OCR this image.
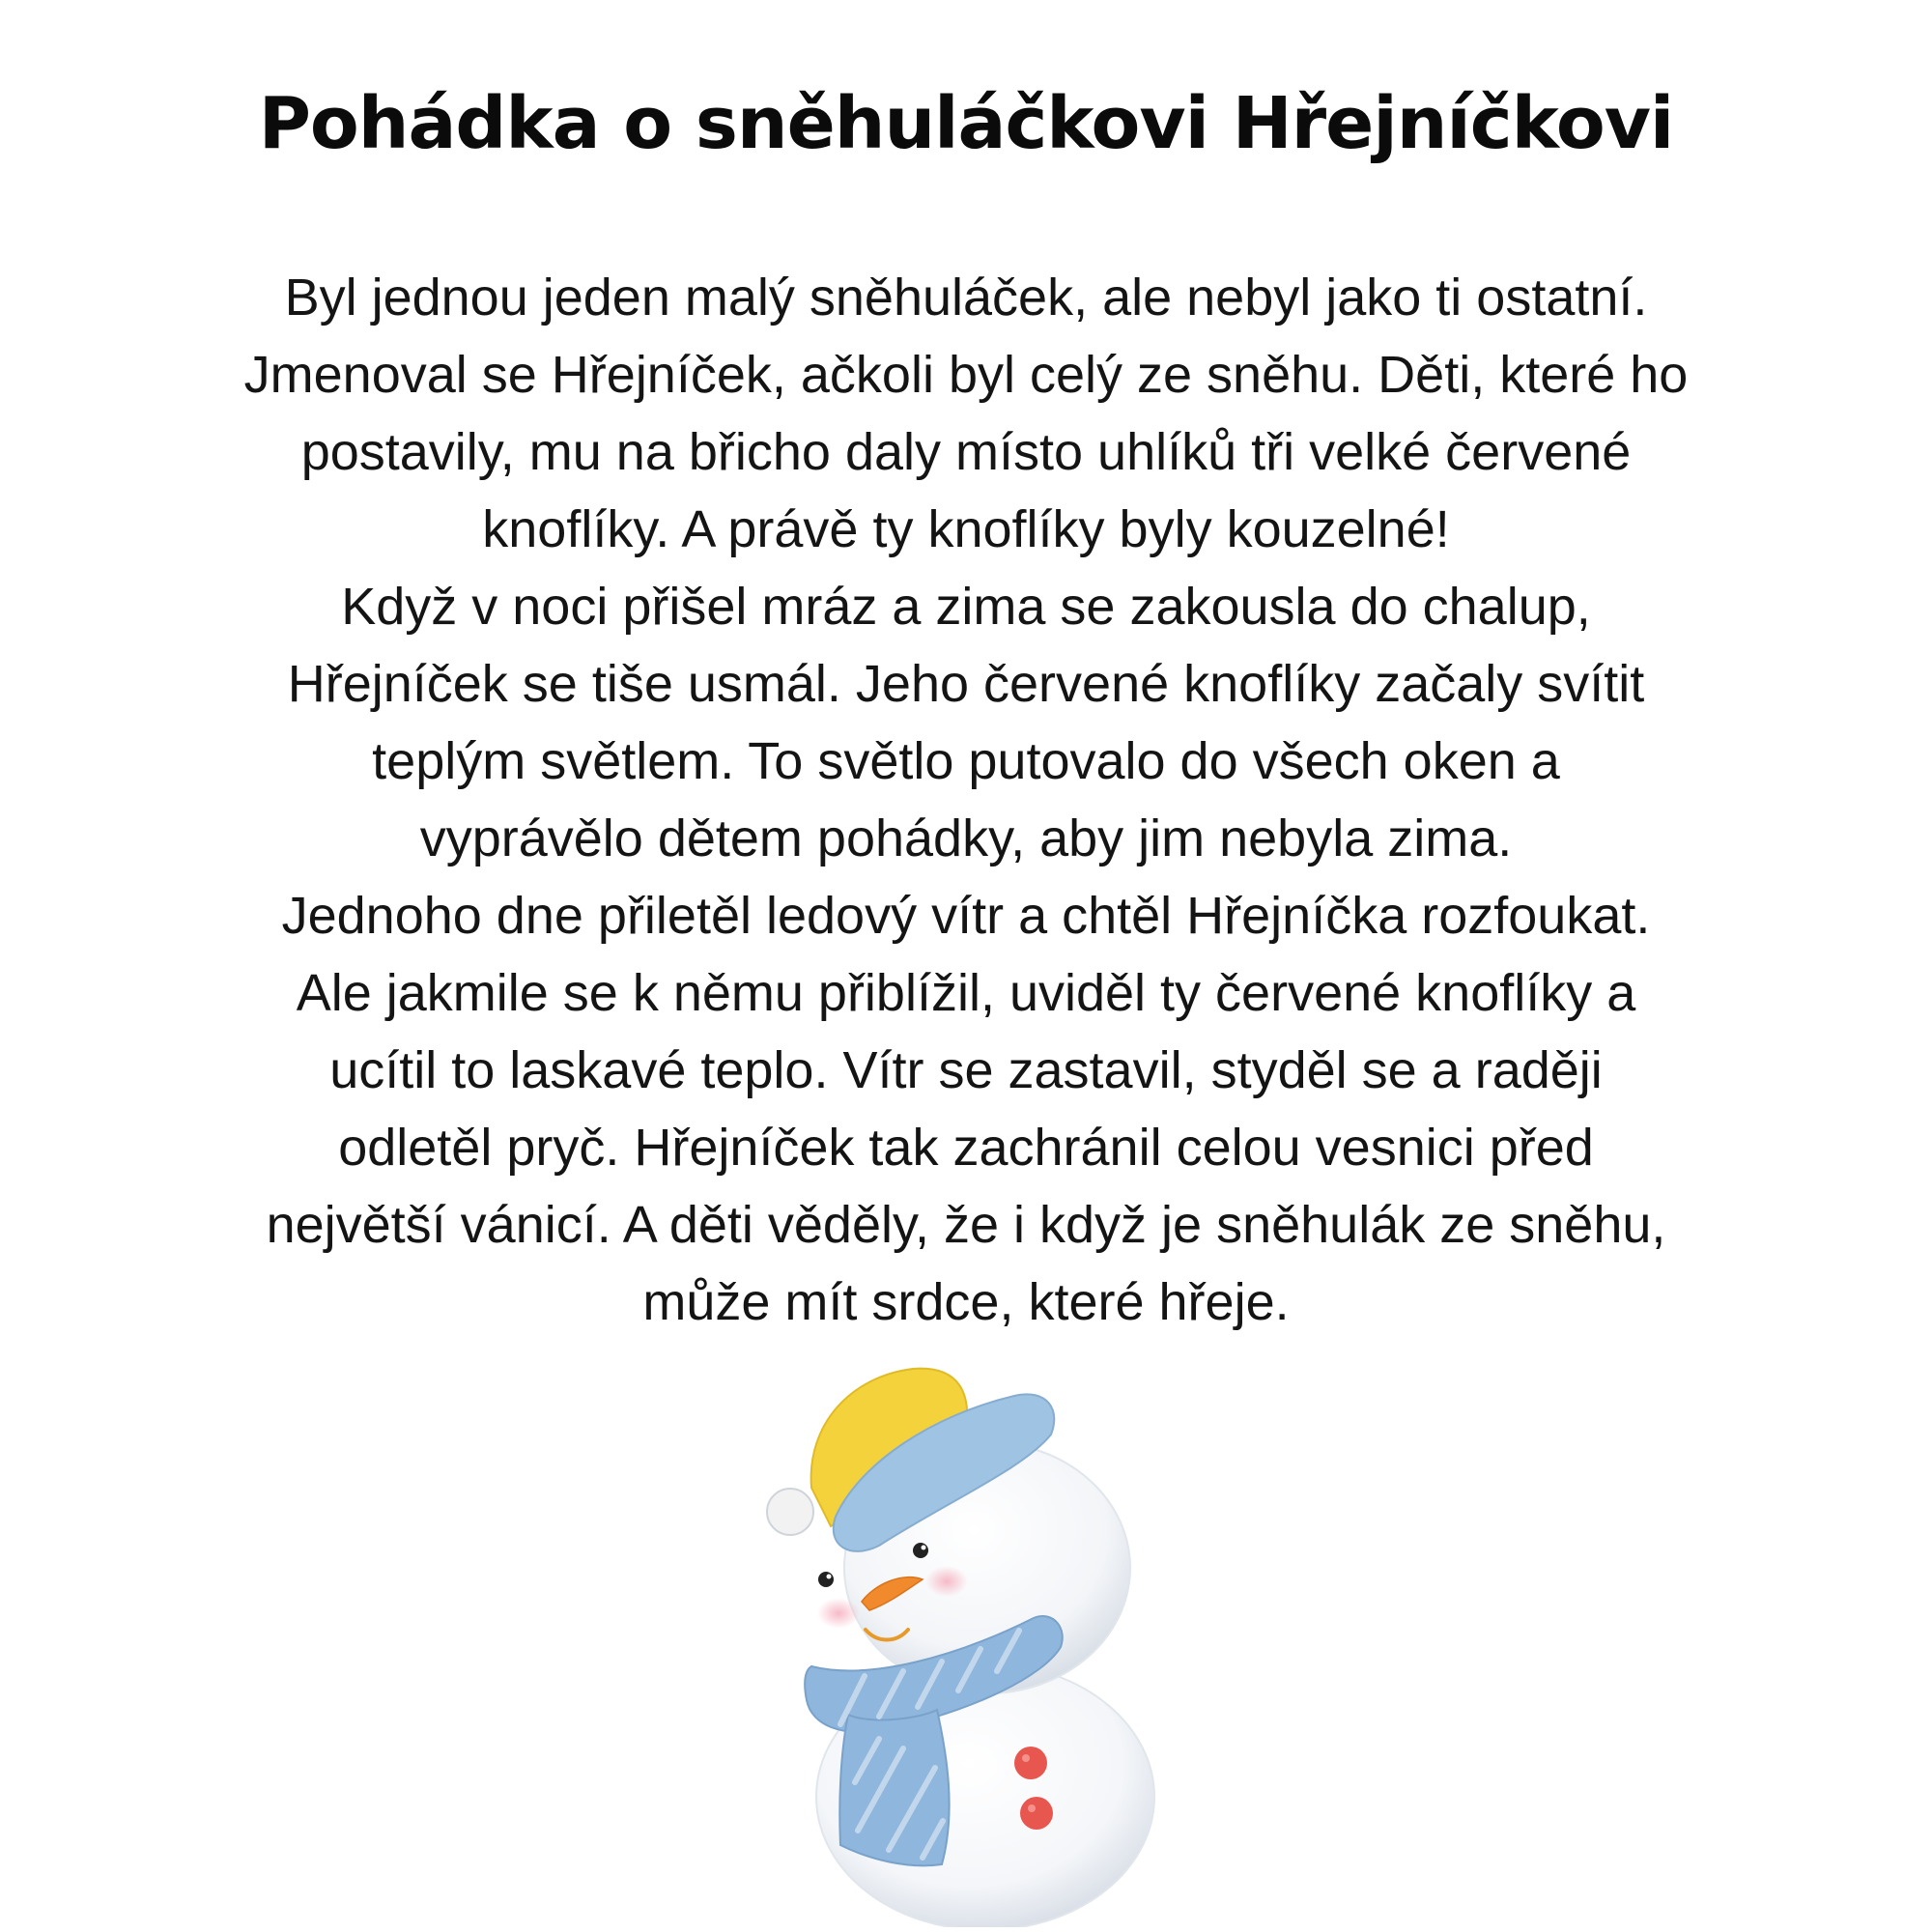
Pohádka o sněhuláčkovi Hřejníčkovi
Byl jednou jeden malý sněhuláček, ale nebyl jako ti ostatní.
Jmenoval se Hřejníček, ačkoli byl celý ze sněhu. Děti, které ho
postavily, mu na břicho daly místo uhlíků tři velké červené
knoflíky. A právě ty knoflíky byly kouzelné!
Když v noci přišel mráz a zima se zakousla do chalup,
Hřejníček se tiše usmál. Jeho červené knoflíky začaly svítit
teplým světlem. To světlo putovalo do všech oken a
vyprávělo dětem pohádky, aby jim nebyla zima.
Jednoho dne přiletěl ledový vítr a chtěl Hřejníčka rozfoukat.
Ale jakmile se k němu přiblížil, uviděl ty červené knoflíky a
ucítil to laskavé teplo. Vítr se zastavil, styděl se a raději
odletěl pryč. Hřejníček tak zachránil celou vesnici před
největší vánicí. A děti věděly, že i když je sněhulák ze sněhu,
může mít srdce, které hřeje.
